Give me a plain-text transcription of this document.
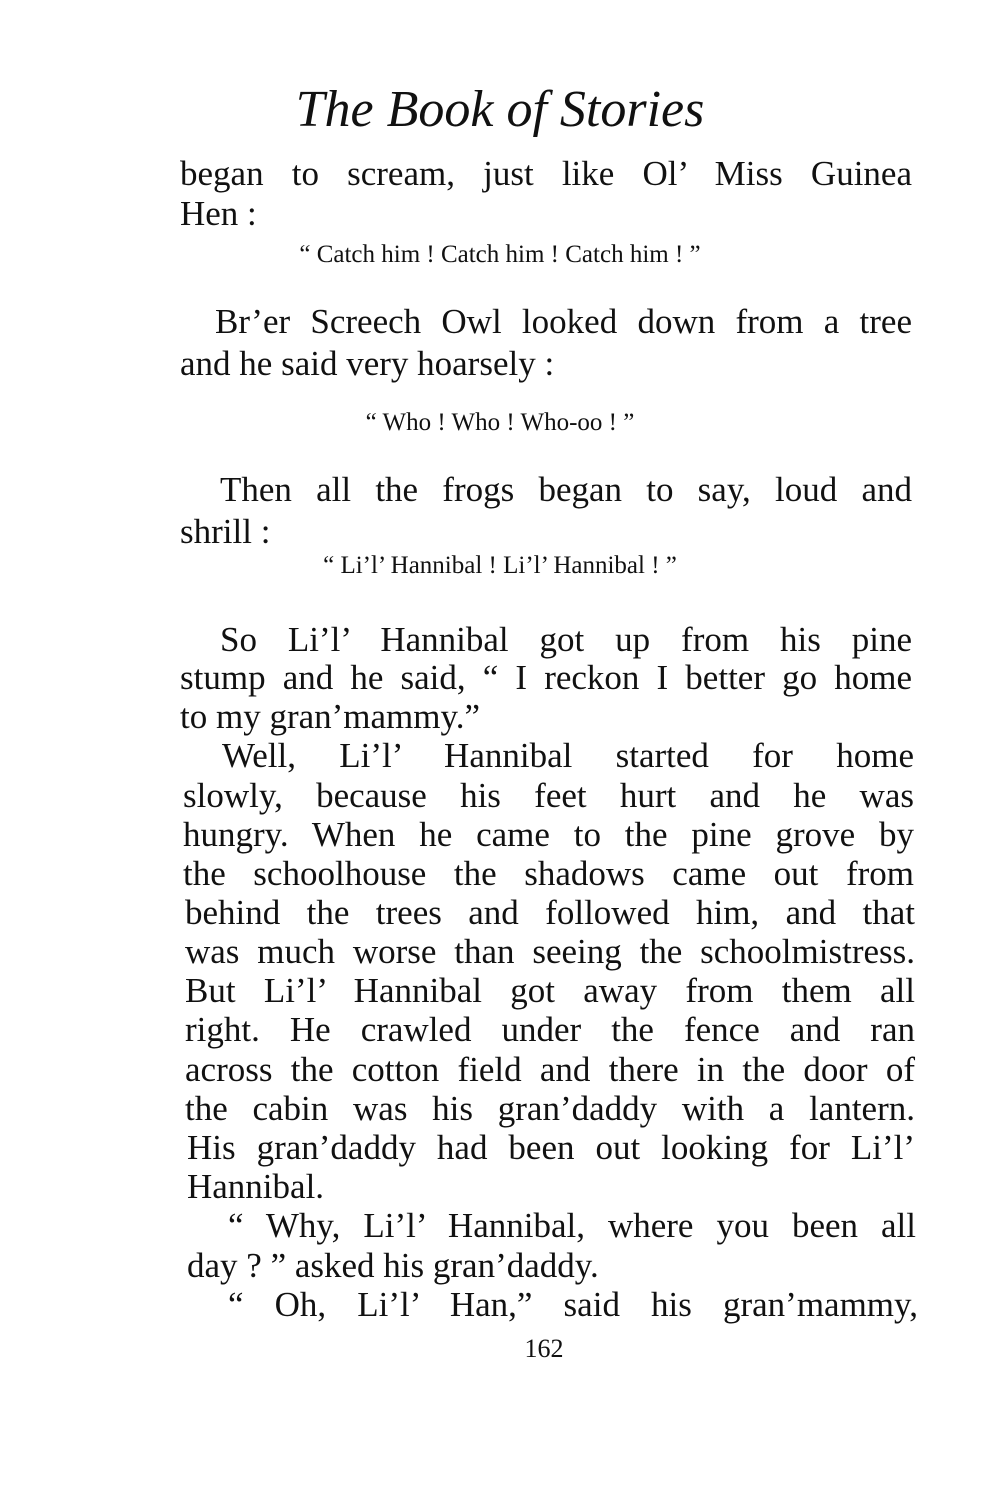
The Book of Stories
began to scream, just like Ol’ Miss Guinea
Hen :
“ Catch him ! Catch him ! Catch him ! ”
Br’er Screech Owl looked down from a tree
and he said very hoarsely :
“ Who ! Who ! Who-oo ! ”
Then all the frogs began to say, loud and
shrill :
“ Li’l’ Hannibal ! Li’l’ Hannibal ! ”
So Li’l’ Hannibal got up from his pine
stump and he said, “ I reckon I better go home
to my gran’mammy.”
Well, Li’l’ Hannibal started for home
slowly, because his feet hurt and he was
hungry. When he came to the pine grove by
the schoolhouse the shadows came out from
behind the trees and followed him, and that
was much worse than seeing the schoolmistress.
But Li’l’ Hannibal got away from them all
right. He crawled under the fence and ran
across the cotton field and there in the door of
the cabin was his gran’daddy with a lantern.
His gran’daddy had been out looking for Li’l’
Hannibal.
“ Why, Li’l’ Hannibal, where you been all
day ? ” asked his gran’daddy.
“ Oh, Li’l’ Han,” said his gran’mammy,
162
